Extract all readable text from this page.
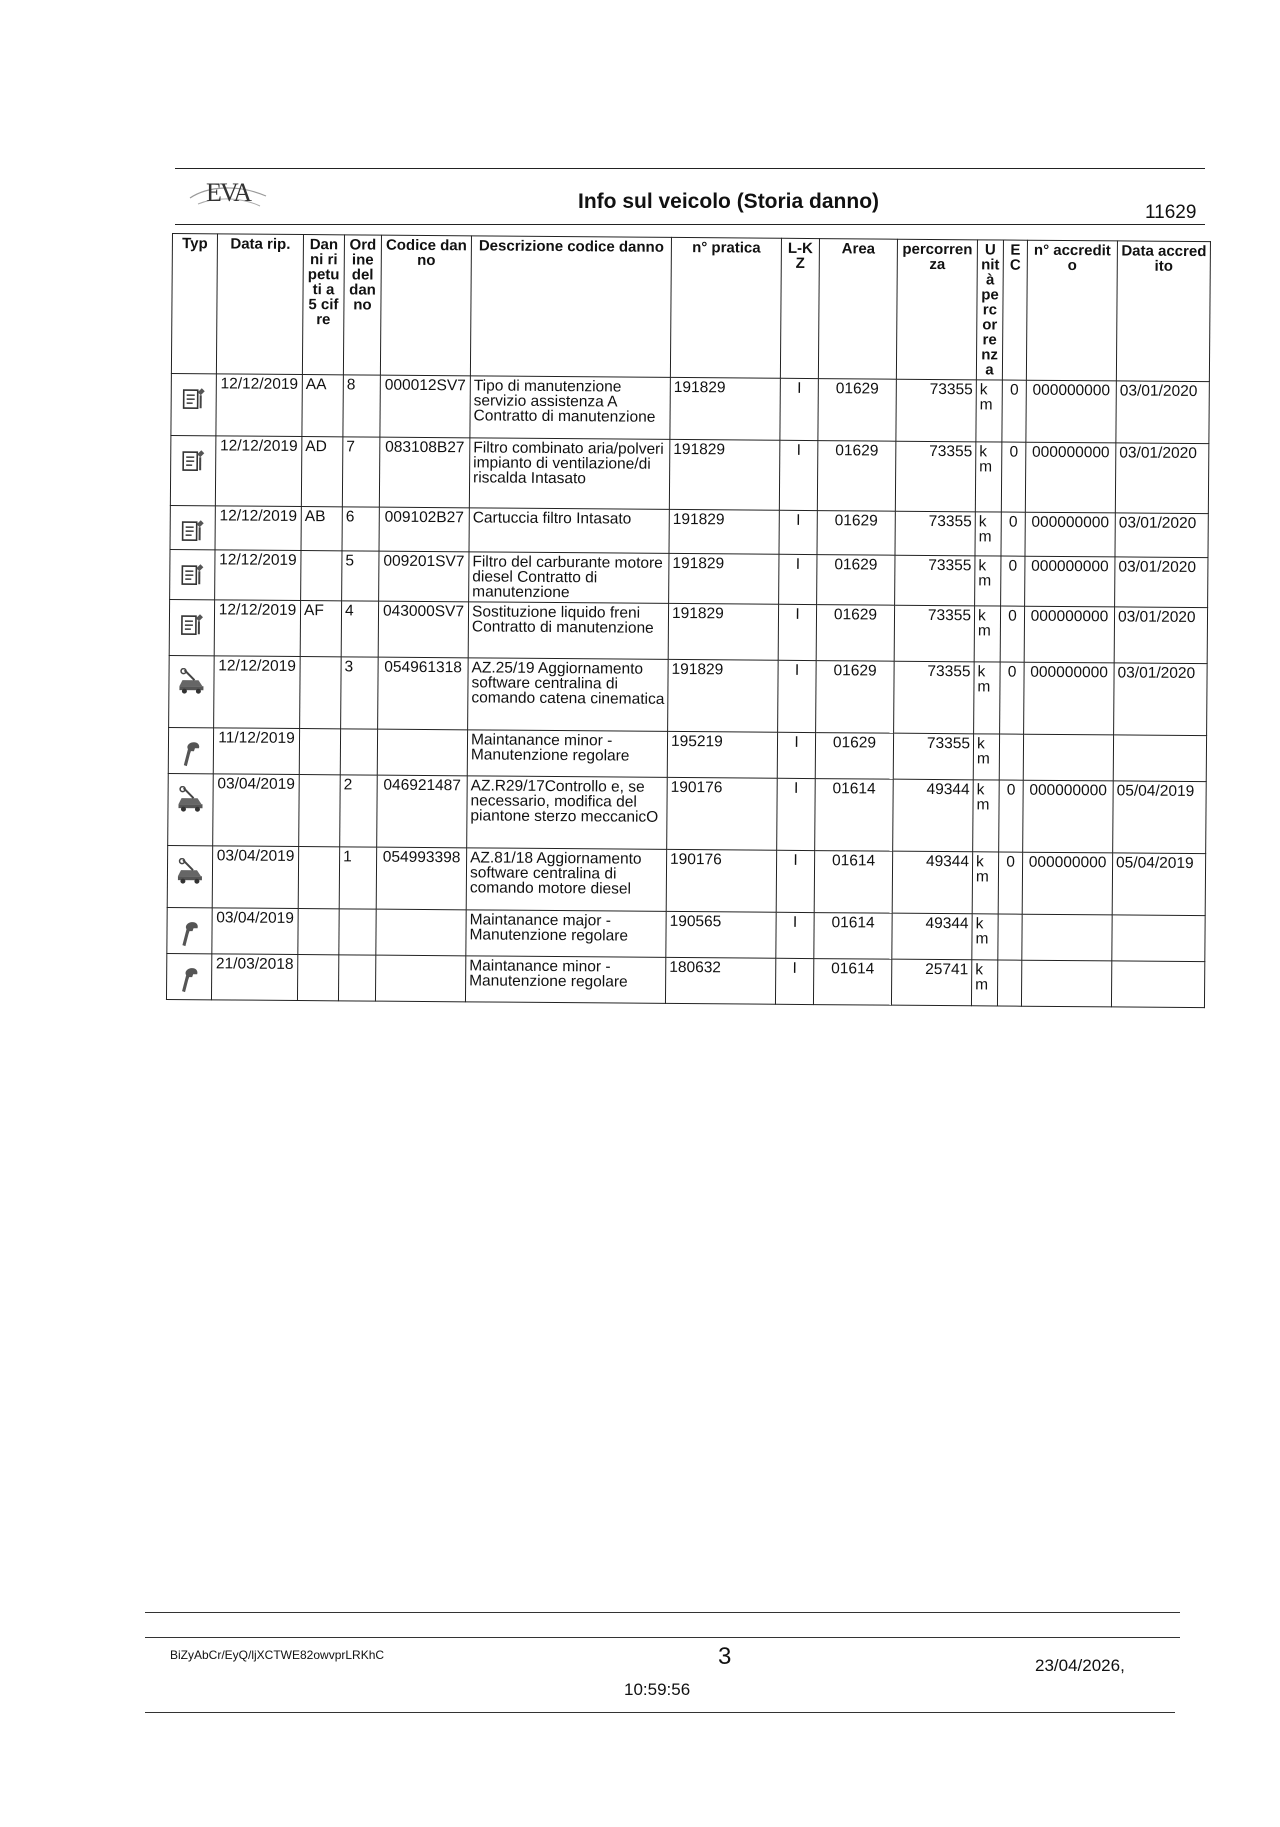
EVA	Info sul veicolo (Storia danno)	11629
Typ	Data rip.	Danni ripetuti a 5 cifre	Ordine del danno	Codice danno	Descrizione codice danno	n° pratica	L-KZ	Area	percorrenza	Unità percorrenza	EC	n° accredito	Data accredito

	12/12/2019	AA	8	000012SV7	Tipo di manutenzione servizio assistenza A Contratto di manutenzione	191829	I	01629	73355	km	0	000000000	03/01/2020

	12/12/2019	AD	7	083108B27	Filtro combinato aria/polveri impianto di ventilazione/di riscalda Intasato	191829	I	01629	73355	km	0	000000000	03/01/2020

	12/12/2019	AB	6	009102B27	Cartuccia filtro Intasato	191829	I	01629	73355	km	0	000000000	03/01/2020

	12/12/2019		5	009201SV7	Filtro del carburante motore diesel Contratto di manutenzione	191829	I	01629	73355	km	0	000000000	03/01/2020

	12/12/2019	AF	4	043000SV7	Sostituzione liquido freni Contratto di manutenzione	191829	I	01629	73355	km	0	000000000	03/01/2020

	12/12/2019		3	054961318	AZ.25/19 Aggiornamento software centralina di comando catena cinematica	191829	I	01629	73355	km	0	000000000	03/01/2020

	11/12/2019				Maintanance minor - Manutenzione regolare	195219	I	01629	73355	km			

	03/04/2019		2	046921487	AZ.R29/17Controllo e, se necessario, modifica del piantone sterzo meccanicO	190176	I	01614	49344	km	0	000000000	05/04/2019

	03/04/2019		1	054993398	AZ.81/18 Aggiornamento software centralina di comando motore diesel	190176	I	01614	49344	km	0	000000000	05/04/2019

	03/04/2019				Maintanance major - Manutenzione regolare	190565	I	01614	49344	km			

	21/03/2018				Maintanance minor - Manutenzione regolare	180632	I	01614	25741	km			
BiZyAbCr/EyQ/ljXCTWE82owvprLRKhC	3	23/04/2026,
10:59:56
